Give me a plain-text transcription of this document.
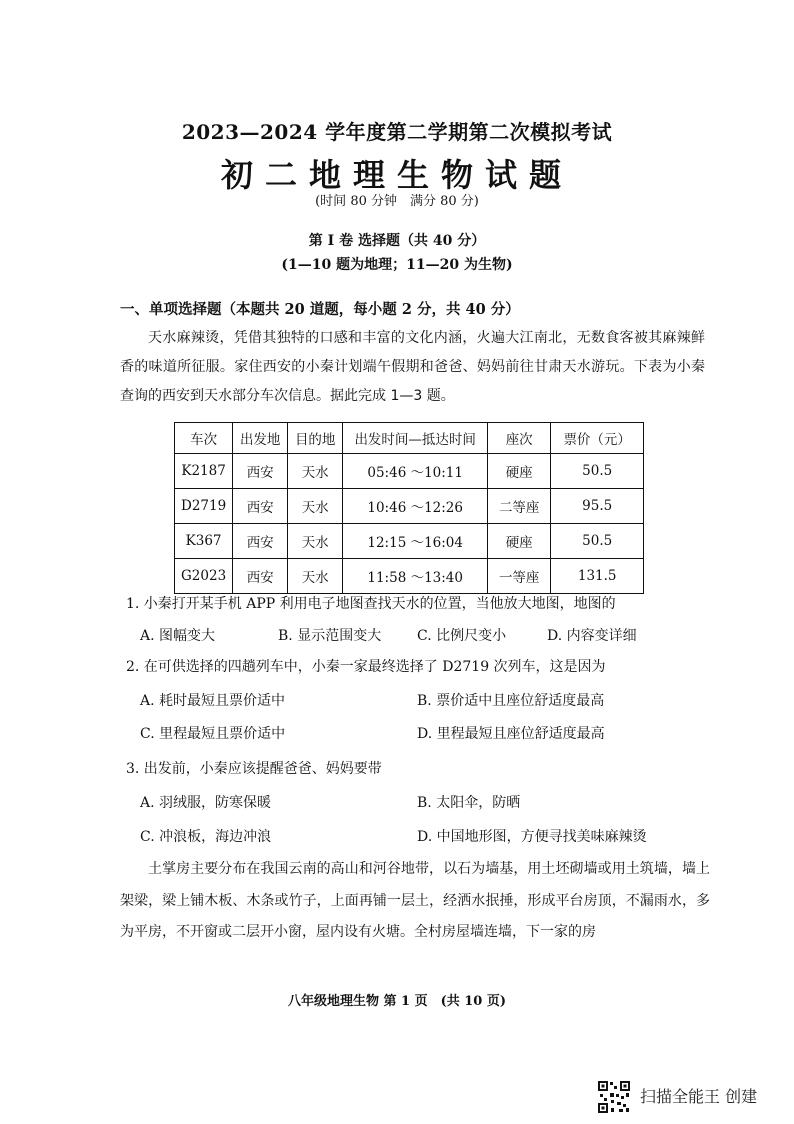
2023—2024 学年度第二学期第二次模拟考试
初二地理生物试题
(时间 80 分钟　满分 80 分)
第 I 卷 选择题（共 40 分）
(1—10 题为地理；11—20 为生物)
一、单项选择题（本题共 20 道题，每小题 2 分，共 40 分）
天水麻辣烫，凭借其独特的口感和丰富的文化内涵，火遍大江南北，无数食客被其麻辣鲜香的味道所征服。家住西安的小秦计划端午假期和爸爸、妈妈前往甘肃天水游玩。下表为小秦查询的西安到天水部分车次信息。据此完成 1—3 题。
车次	出发地	目的地	出发时间—抵达时间	座次	票价（元）
K2187	西安	天水	05:46 ～10:11	硬座	50.5
D2719	西安	天水	10:46 ～12:26	二等座	95.5
K367	西安	天水	12:15 ～16:04	硬座	50.5
G2023	西安	天水	11:58 ～13:40	一等座	131.5
1. 小秦打开某手机 APP 利用电子地图查找天水的位置，当他放大地图，地图的
A. 图幅变大	B. 显示范围变大	C. 比例尺变小	D. 内容变详细
2. 在可供选择的四趟列车中，小秦一家最终选择了 D2719 次列车，这是因为
A. 耗时最短且票价适中	B. 票价适中且座位舒适度最高
C. 里程最短且票价适中	D. 里程最短且座位舒适度最高
3. 出发前，小秦应该提醒爸爸、妈妈要带
A. 羽绒服，防寒保暖	B. 太阳伞，防晒
C. 冲浪板，海边冲浪	D. 中国地形图，方便寻找美味麻辣烫
土掌房主要分布在我国云南的高山和河谷地带，以石为墙基，用土坯砌墙或用土筑墙，墙上架梁，梁上铺木板、木条或竹子，上面再铺一层土，经洒水抿捶，形成平台房顶，不漏雨水，多为平房，不开窗或二层开小窗，屋内设有火塘。全村房屋墙连墙，下一家的房
八年级地理生物 第 1 页　(共 10 页)
扫描全能王 创建
